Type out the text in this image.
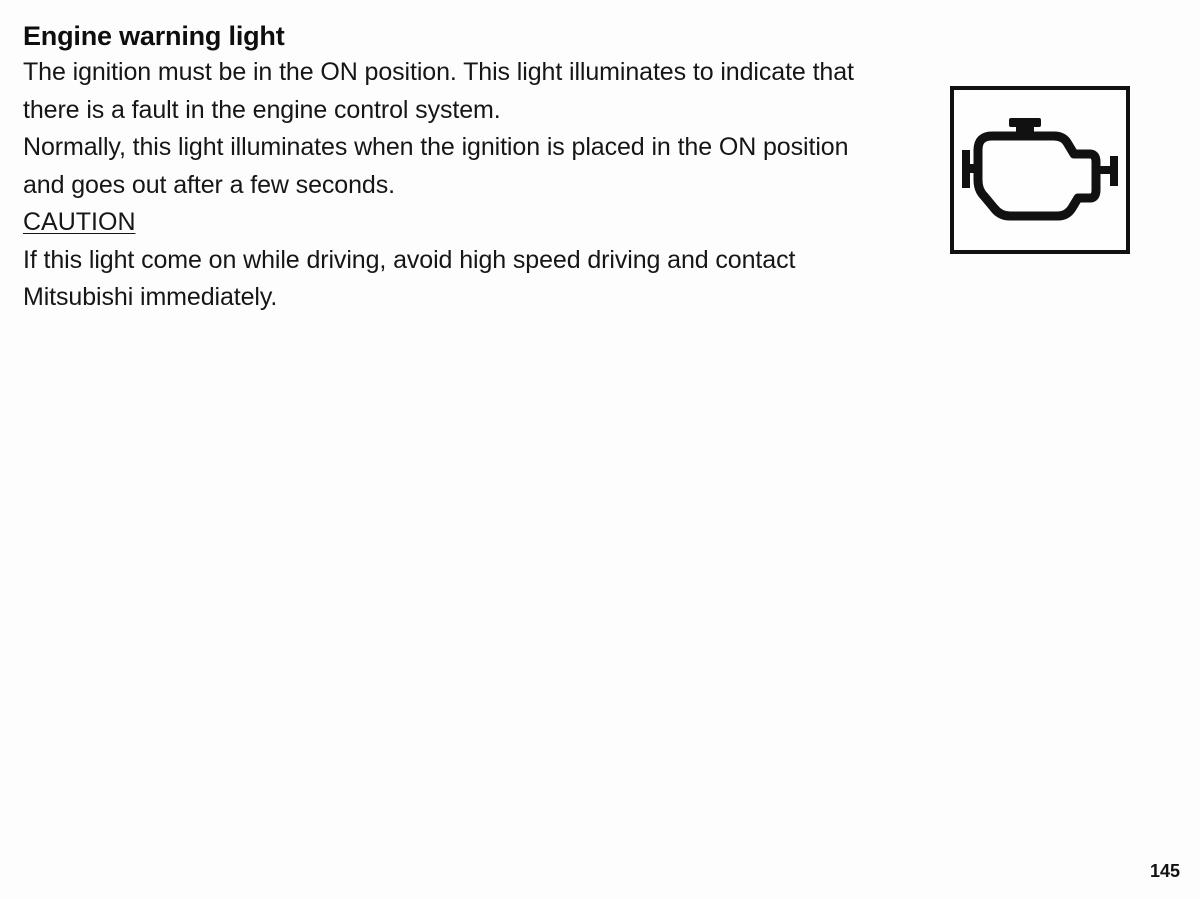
Engine warning light

The ignition must be in the ON position. This light illuminates to indicate that there is a fault in the engine control system.

Normally, this light illuminates when the ignition is placed in the ON position and goes out after a few seconds.

CAUTION

If this light come on while driving, avoid high speed driving and contact Mitsubishi immediately.

145
